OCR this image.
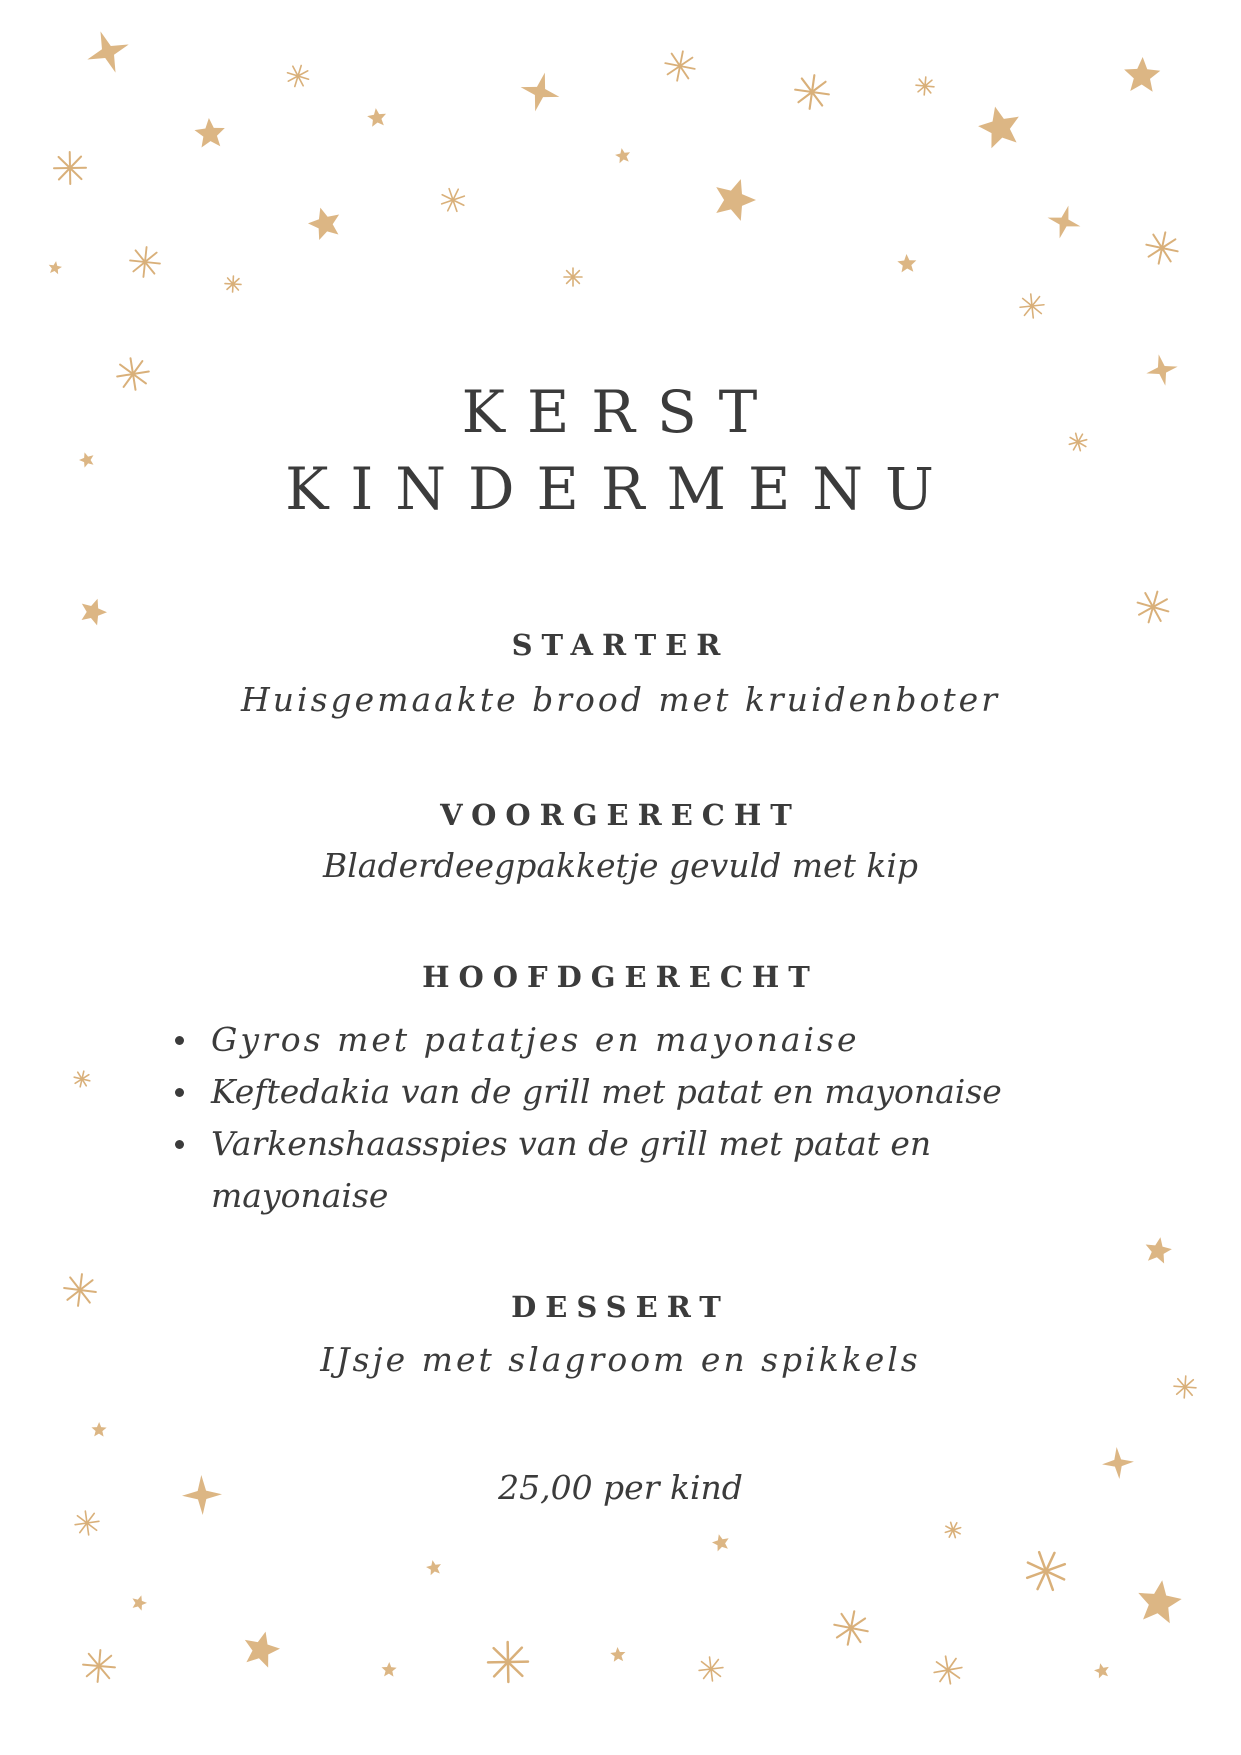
KERST
KINDERMENU
STARTER

Huisgemaakte brood met kruidenboter

VOORGERECHT

Bladerdeegpakketje gevuld met kip

HOOFDGERECHT
Gyros met patatjes en mayonaise
Keftedakia van de grill met patat en mayonaise
Varkenshaasspies van de grill met patat en mayonaise
DESSERT

IJsje met slagroom en spikkels

25,00 per kind
